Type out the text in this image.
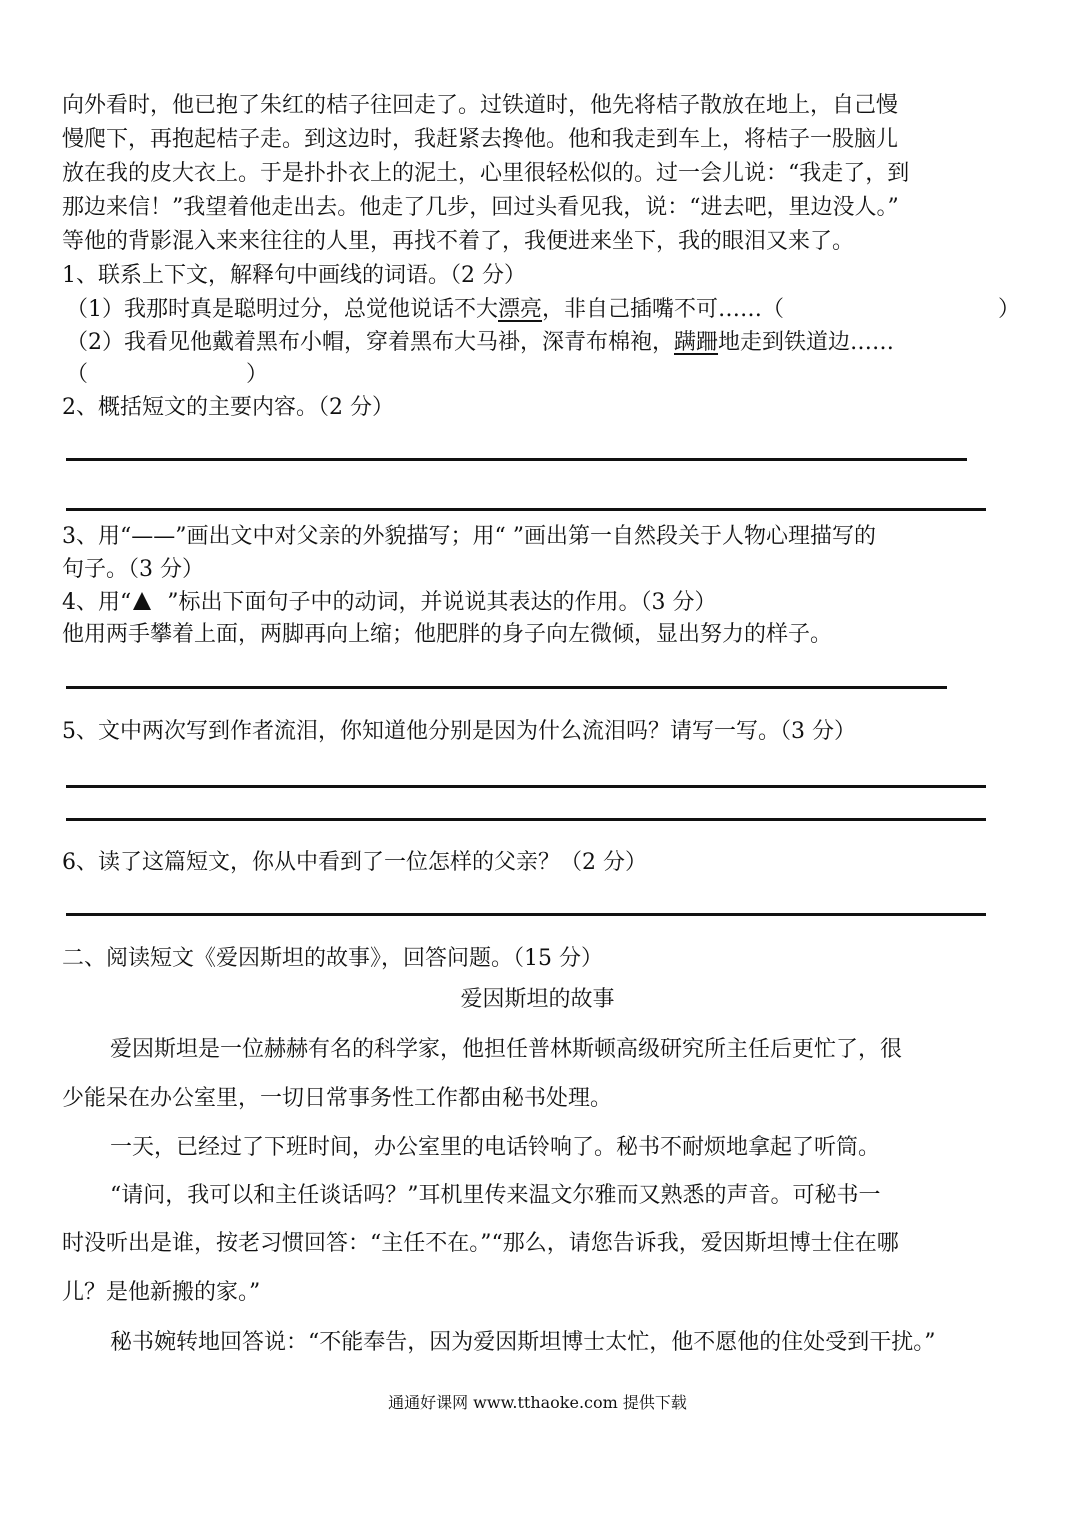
向外看时，他已抱了朱红的桔子往回走了。过铁道时，他先将桔子散放在地上，自己慢
慢爬下，再抱起桔子走。到这边时，我赶紧去搀他。他和我走到车上，将桔子一股脑儿
放在我的皮大衣上。于是扑扑衣上的泥土，心里很轻松似的。过一会儿说：“我走了，到
那边来信！”我望着他走出去。他走了几步，回过头看见我，说：“进去吧，里边没人。”
等他的背影混入来来往往的人里，再找不着了，我便进来坐下，我的眼泪又来了。
1、联系上下文，解释句中画线的词语。（2 分）
（1）我那时真是聪明过分，总觉他说话不大漂亮，非自己插嘴不可……（	）
（2）我看见他戴着黑布小帽，穿着黑布大马褂，深青布棉袍，蹒跚地走到铁道边……
（	）
2、概括短文的主要内容。（2 分）
3、用“——”画出文中对父亲的外貌描写；用“ ”画出第一自然段关于人物心理描写的
句子。（3 分）
4、用“ ”标出下面句子中的动词，并说说其表达的作用。（3 分）
他用两手攀着上面，两脚再向上缩；他肥胖的身子向左微倾，显出努力的样子。
5、文中两次写到作者流泪，你知道他分别是因为什么流泪吗？请写一写。（3 分）
6、读了这篇短文，你从中看到了一位怎样的父亲？（2 分）
二、阅读短文《爱因斯坦的故事》，回答问题。（15 分）
爱因斯坦的故事
爱因斯坦是一位赫赫有名的科学家，他担任普林斯顿高级研究所主任后更忙了，很
少能呆在办公室里，一切日常事务性工作都由秘书处理。
一天，已经过了下班时间，办公室里的电话铃响了。秘书不耐烦地拿起了听筒。
“请问，我可以和主任谈话吗？”耳机里传来温文尔雅而又熟悉的声音。可秘书一
时没听出是谁，按老习惯回答：“主任不在。”“那么，请您告诉我，爱因斯坦博士住在哪
儿？是他新搬的家。”
秘书婉转地回答说：“不能奉告，因为爱因斯坦博士太忙，他不愿他的住处受到干扰。”
通通好课网 www.tthaoke.com 提供下载
